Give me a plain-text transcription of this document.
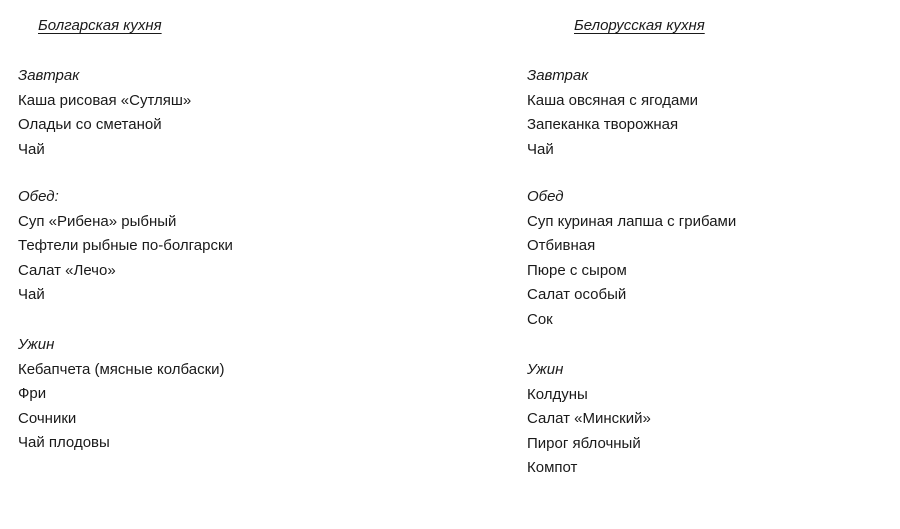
Болгарская кухня
Завтрак
Каша рисовая «Сутляш»
Оладьи со сметаной
Чай
Обед:
Суп «Рибена» рыбный
Тефтели рыбные по-болгарски
Салат «Лечо»
Чай
Ужин
Кебапчета (мясные колбаски)
Фри
Сочники
Чай плодовы
Белорусская кухня
Завтрак
Каша овсяная с ягодами
Запеканка творожная
Чай
Обед
Суп куриная лапша с грибами
Отбивная
Пюре с сыром
Салат особый
Сок
Ужин
Колдуны
Салат «Минский»
Пирог яблочный
Компот
